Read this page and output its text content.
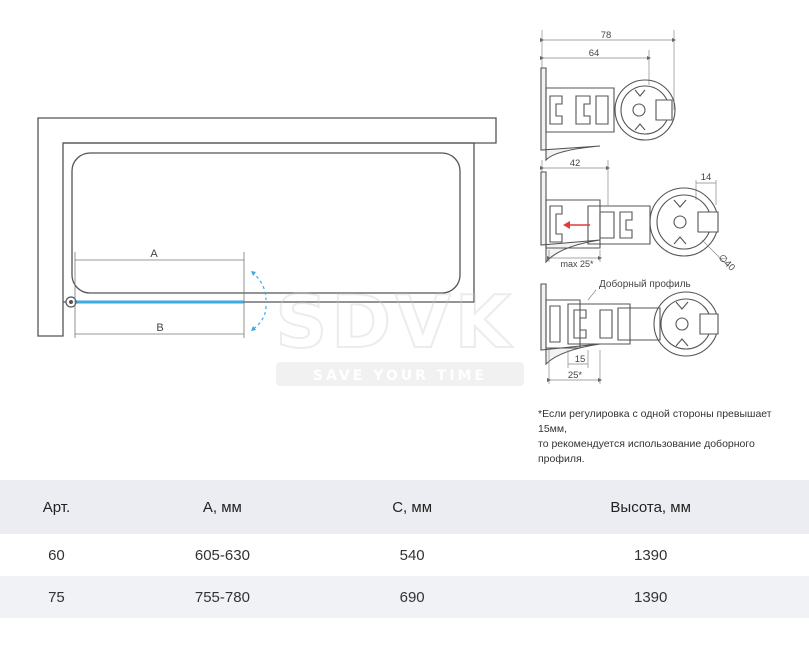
A
B SDVK
SAVE YOUR TIME
78
64
42
14
∅40
max 25*
Доборный профиль
15
25*
*Если регулировка с одной стороны превышает 15мм,
то рекомендуется использование доборного профиля.
Арт.	А, мм	С, мм	Высота, мм
60	605-630	540	1390
75	755-780	690	1390
